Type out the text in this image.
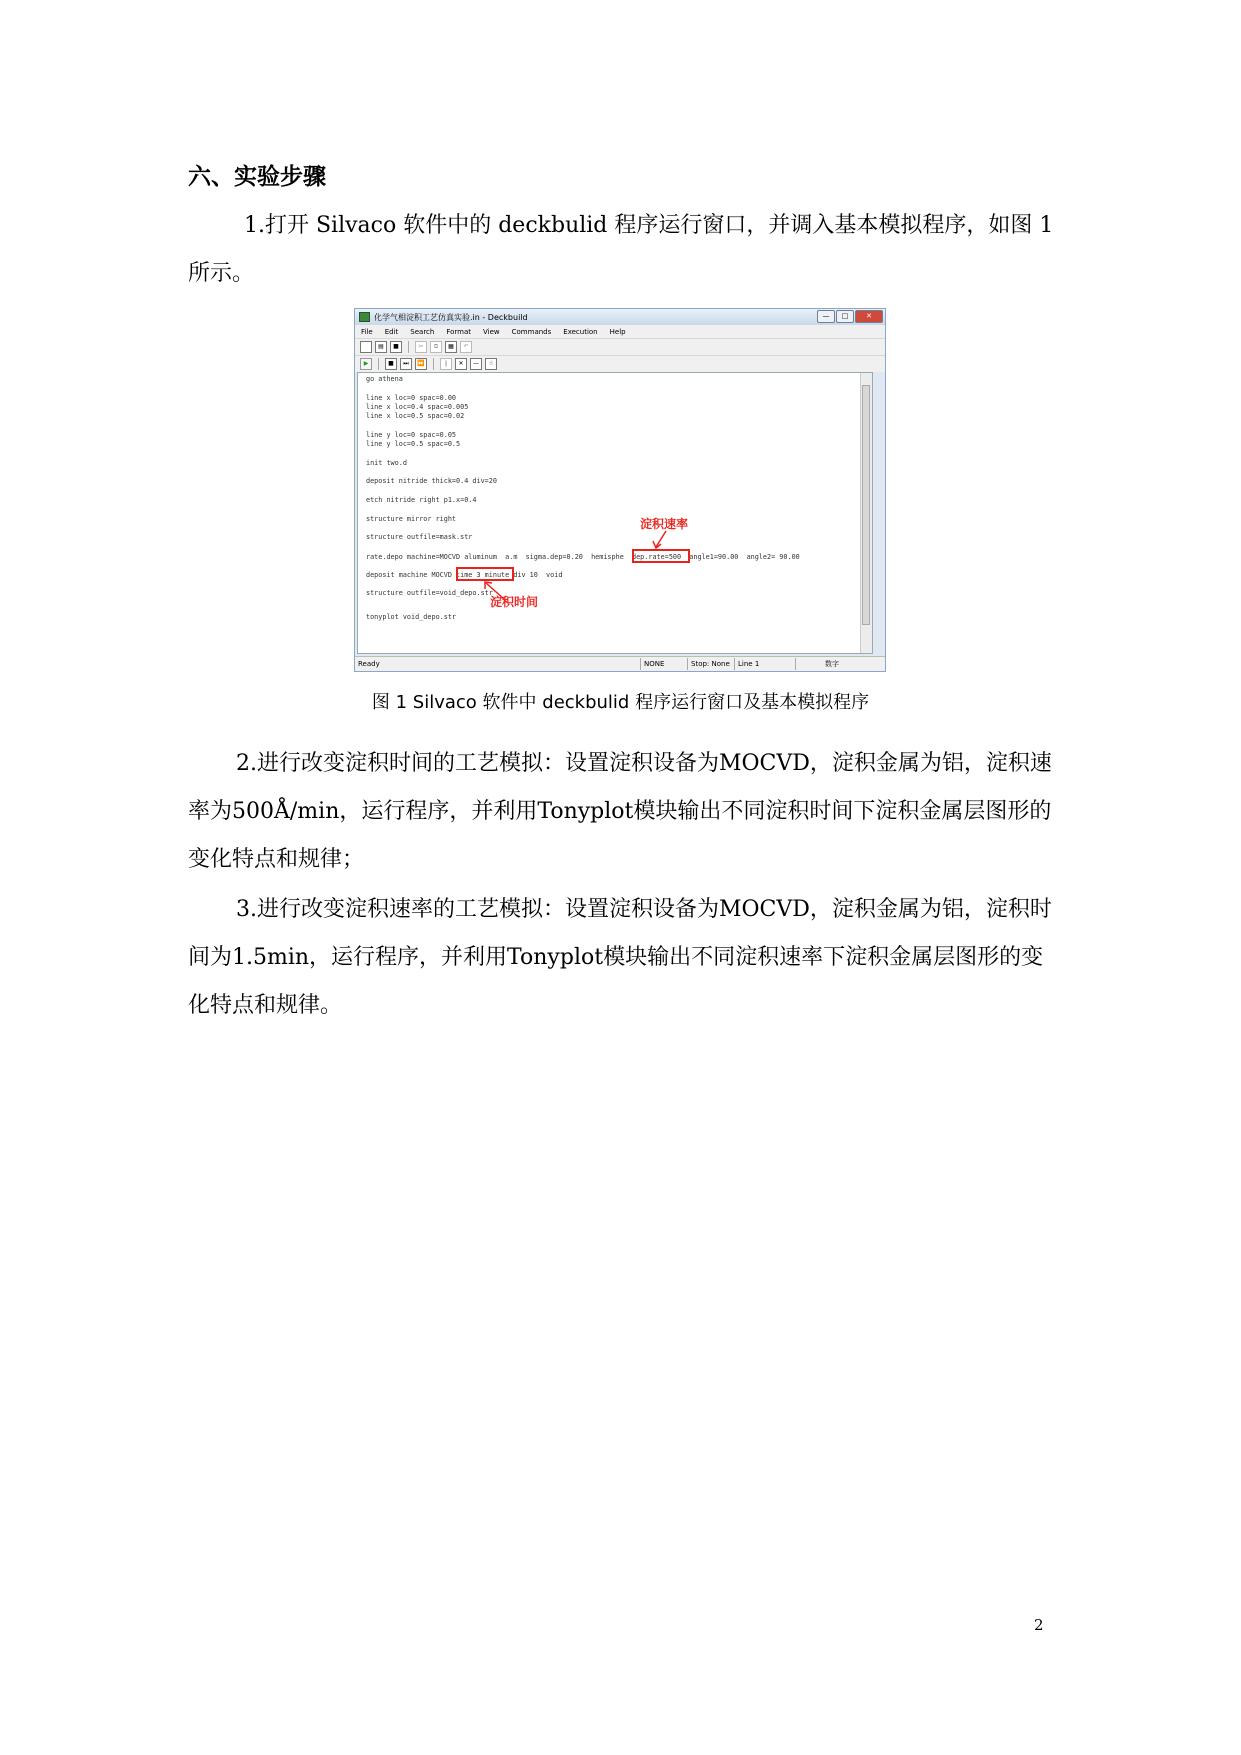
六、实验步骤

1.打开 Silvaco 软件中的 deckbulid 程序运行窗口，并调入基本模拟程序，如图 1 所示。

化学气相淀积工艺仿真实验.in - Deckbuild	—	□	✕
File Edit Search Format View Commands Execution Help
▤	■	✂	⧉	▦	↶
▶	■	⏭	⏩	❙	✕	—	☝
go athena
line x loc=0 spac=0.00
line x loc=0.4 spac=0.005
line x loc=0.5 spac=0.02
line y loc=0 spac=0.05
line y loc=0.5 spac=0.5
init two.d
deposit nitride thick=0.4 div=20
etch nitride right p1.x=0.4
structure mirror right
structure outfile=mask.str
rate.depo machine=MOCVD aluminum  a.m  sigma.dep=0.20  hemisphe  dep.rate=500  angle1=90.00  angle2= 90.00
deposit machine MOCVD time 3 minute div 10  void
structure outfile=void_depo.str
tonyplot void_depo.str
淀积速率
淀积时间
Ready	NONE	Stop: None	Line 1	数字

图 1 Silvaco 软件中 deckbulid 程序运行窗口及基本模拟程序

2.进行改变淀积时间的工艺模拟：设置淀积设备为MOCVD，淀积金属为铝，淀积速率为500Å/min，运行程序，并利用Tonyplot模块输出不同淀积时间下淀积金属层图形的变化特点和规律；

3.进行改变淀积速率的工艺模拟：设置淀积设备为MOCVD，淀积金属为铝，淀积时间为1.5min，运行程序，并利用Tonyplot模块输出不同淀积速率下淀积金属层图形的变化特点和规律。

2
